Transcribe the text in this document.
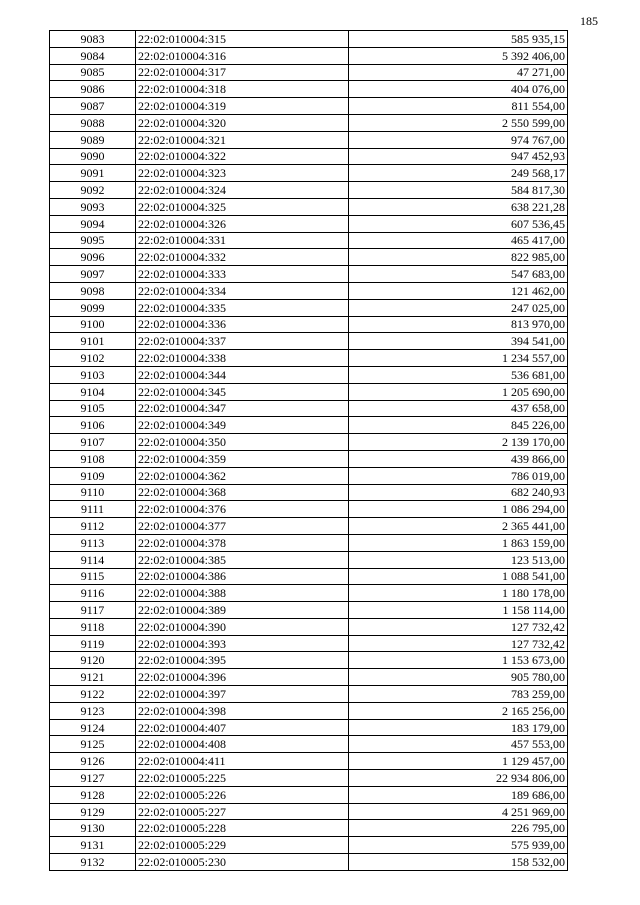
185
9083	22:02:010004:315	585 935,15
9084	22:02:010004:316	5 392 406,00
9085	22:02:010004:317	47 271,00
9086	22:02:010004:318	404 076,00
9087	22:02:010004:319	811 554,00
9088	22:02:010004:320	2 550 599,00
9089	22:02:010004:321	974 767,00
9090	22:02:010004:322	947 452,93
9091	22:02:010004:323	249 568,17
9092	22:02:010004:324	584 817,30
9093	22:02:010004:325	638 221,28
9094	22:02:010004:326	607 536,45
9095	22:02:010004:331	465 417,00
9096	22:02:010004:332	822 985,00
9097	22:02:010004:333	547 683,00
9098	22:02:010004:334	121 462,00
9099	22:02:010004:335	247 025,00
9100	22:02:010004:336	813 970,00
9101	22:02:010004:337	394 541,00
9102	22:02:010004:338	1 234 557,00
9103	22:02:010004:344	536 681,00
9104	22:02:010004:345	1 205 690,00
9105	22:02:010004:347	437 658,00
9106	22:02:010004:349	845 226,00
9107	22:02:010004:350	2 139 170,00
9108	22:02:010004:359	439 866,00
9109	22:02:010004:362	786 019,00
9110	22:02:010004:368	682 240,93
9111	22:02:010004:376	1 086 294,00
9112	22:02:010004:377	2 365 441,00
9113	22:02:010004:378	1 863 159,00
9114	22:02:010004:385	123 513,00
9115	22:02:010004:386	1 088 541,00
9116	22:02:010004:388	1 180 178,00
9117	22:02:010004:389	1 158 114,00
9118	22:02:010004:390	127 732,42
9119	22:02:010004:393	127 732,42
9120	22:02:010004:395	1 153 673,00
9121	22:02:010004:396	905 780,00
9122	22:02:010004:397	783 259,00
9123	22:02:010004:398	2 165 256,00
9124	22:02:010004:407	183 179,00
9125	22:02:010004:408	457 553,00
9126	22:02:010004:411	1 129 457,00
9127	22:02:010005:225	22 934 806,00
9128	22:02:010005:226	189 686,00
9129	22:02:010005:227	4 251 969,00
9130	22:02:010005:228	226 795,00
9131	22:02:010005:229	575 939,00
9132	22:02:010005:230	158 532,00
